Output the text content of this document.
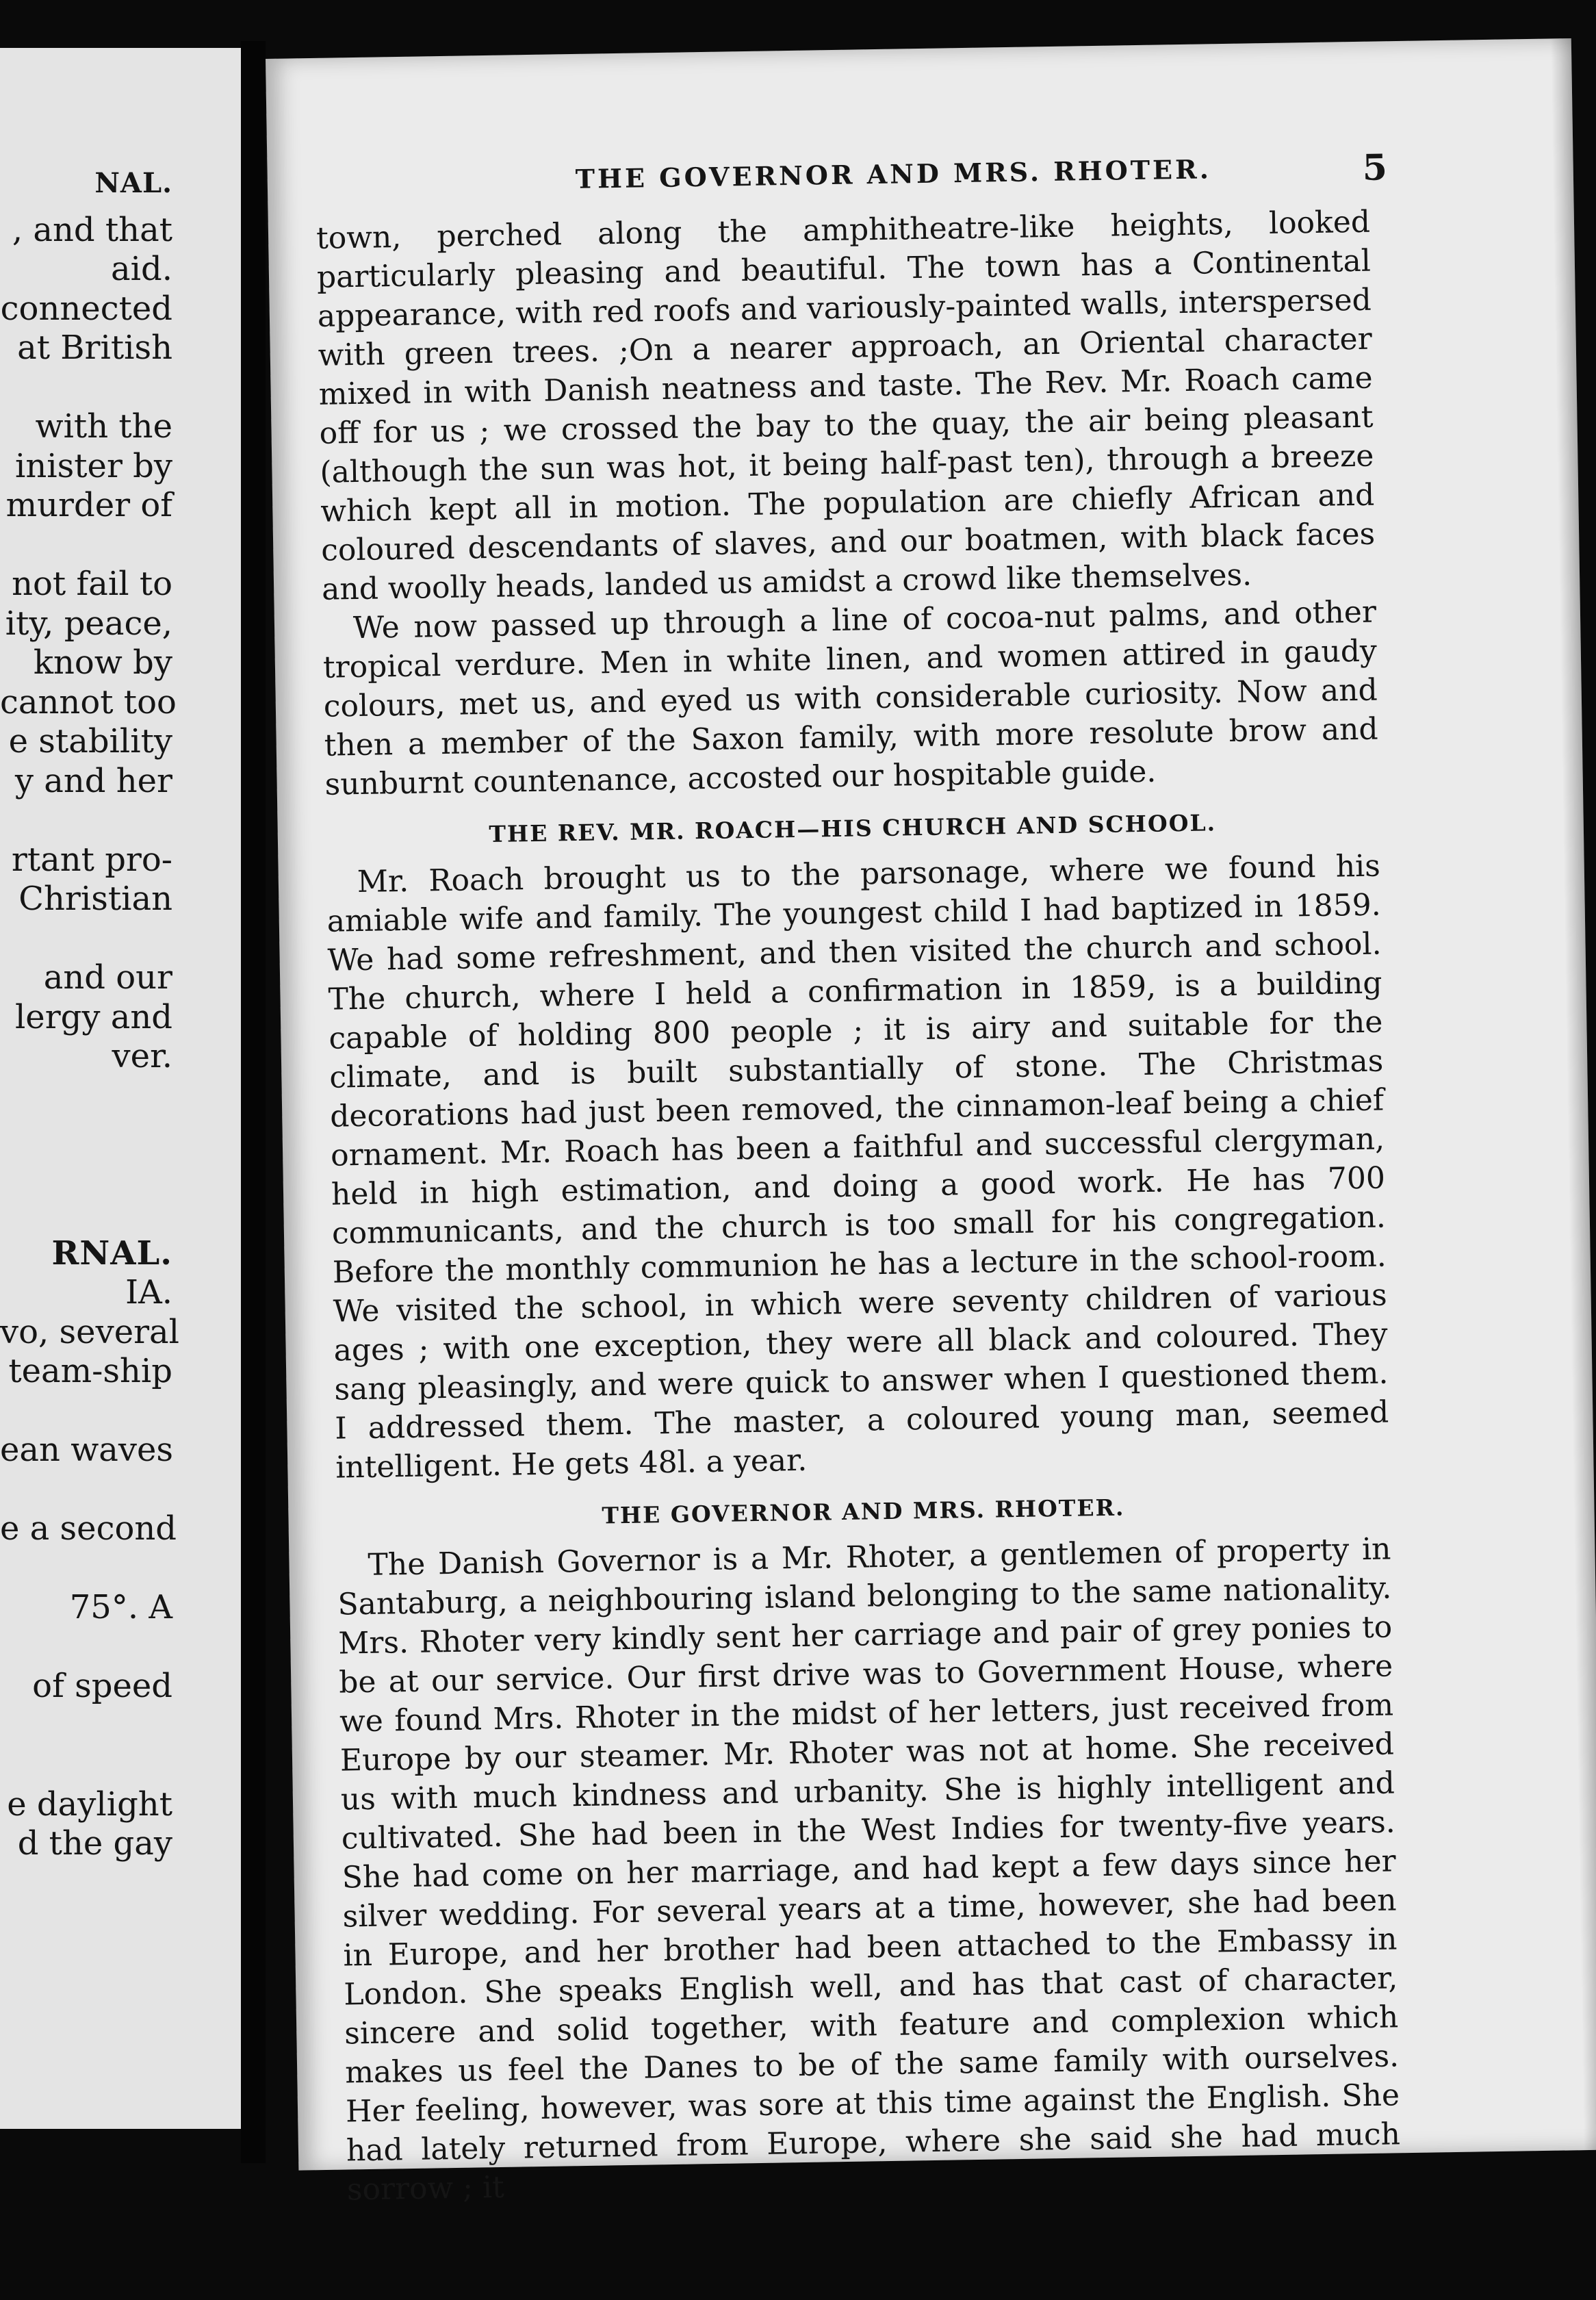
NAL.
, and that
aid.
connected
at British
with the
inister by
murder of
not fail to
ity, peace,
know by
cannot too
e stability
y and her
rtant pro-
Christian
and our
lergy and
ver.
RNAL.
IA.
vo, several
team-ship
ean waves
e a second
75°. A
of speed
e daylight
d the gay
THE GOVERNOR AND MRS. RHOTER.	5

town, perched along the amphitheatre-like heights, looked particularly pleasing and beautiful. The town has a Continental appearance, with red roofs and variously-painted walls, interspersed with green trees. ;On a nearer approach, an Oriental character mixed in with Danish neatness and taste. The Rev. Mr. Roach came off for us ; we crossed the bay to the quay, the air being pleasant (although the sun was hot, it being half-past ten), through a breeze which kept all in motion. The population are chiefly African and coloured descendants of slaves, and our boatmen, with black faces and woolly heads, landed us amidst a crowd like themselves.

We now passed up through a line of cocoa-nut palms, and other tropical verdure. Men in white linen, and women attired in gaudy colours, met us, and eyed us with considerable curiosity. Now and then a member of the Saxon family, with more resolute brow and sunburnt countenance, accosted our hospitable guide.

THE REV. MR. ROACH—HIS CHURCH AND SCHOOL.

Mr. Roach brought us to the parsonage, where we found his amiable wife and family. The youngest child I had baptized in 1859. We had some refreshment, and then visited the church and school. The church, where I held a confirmation in 1859, is a building capable of holding 800 people ; it is airy and suitable for the climate, and is built substantially of stone. The Christmas decorations had just been removed, the cinnamon-leaf being a chief ornament. Mr. Roach has been a faithful and successful clergyman, held in high estimation, and doing a good work. He has 700 communicants, and the church is too small for his congregation. Before the monthly communion he has a lecture in the school-room. We visited the school, in which were seventy children of various ages ; with one exception, they were all black and coloured. They sang pleasingly, and were quick to answer when I questioned them. I addressed them. The master, a coloured young man, seemed intelligent. He gets 48l. a year.

THE GOVERNOR AND MRS. RHOTER.

The Danish Governor is a Mr. Rhoter, a gentlemen of property in Santaburg, a neighbouring island belonging to the same nationality. Mrs. Rhoter very kindly sent her carriage and pair of grey ponies to be at our service. Our first drive was to Government House, where we found Mrs. Rhoter in the midst of her letters, just received from Europe by our steamer. Mr. Rhoter was not at home. She received us with much kindness and urbanity. She is highly intelligent and cultivated. She had been in the West Indies for twenty-five years. She had come on her marriage, and had kept a few days since her silver wedding. For several years at a time, however, she had been in Europe, and her brother had been attached to the Embassy in London. She speaks English well, and has that cast of character, sincere and solid together, with feature and complexion which makes us feel the Danes to be of the same family with ourselves. Her feeling, however, was sore at this time against the English. She had lately returned from Europe, where she said she had much sorrow ; it
